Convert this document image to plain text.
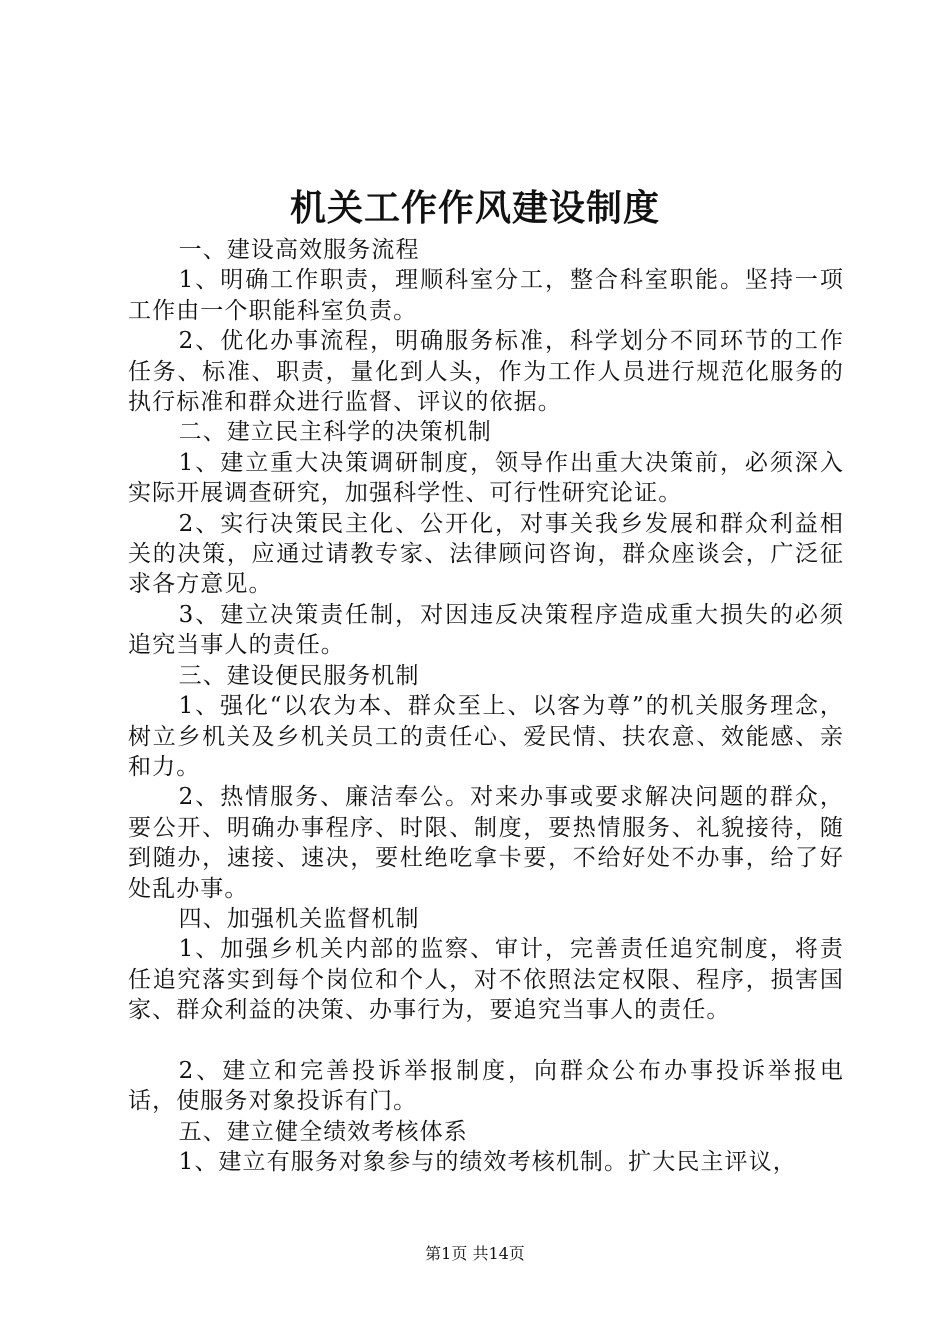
机关工作作风建设制度

一、建设高效服务流程

1、明确工作职责，理顺科室分工，整合科室职能。坚持一项工作由一个职能科室负责。

2、优化办事流程，明确服务标准，科学划分不同环节的工作任务、标准、职责，量化到人头，作为工作人员进行规范化服务的执行标准和群众进行监督、评议的依据。

二、建立民主科学的决策机制

1、建立重大决策调研制度，领导作出重大决策前，必须深入实际开展调查研究，加强科学性、可行性研究论证。

2、实行决策民主化、公开化，对事关我乡发展和群众利益相关的决策，应通过请教专家、法律顾问咨询，群众座谈会，广泛征求各方意见。

3、建立决策责任制，对因违反决策程序造成重大损失的必须追究当事人的责任。

三、建设便民服务机制

1、强化“以农为本、群众至上、以客为尊”的机关服务理念，树立乡机关及乡机关员工的责任心、爱民情、扶农意、效能感、亲和力。

2、热情服务、廉洁奉公。对来办事或要求解决问题的群众，要公开、明确办事程序、时限、制度，要热情服务、礼貌接待，随到随办，速接、速决，要杜绝吃拿卡要，不给好处不办事，给了好处乱办事。

四、加强机关监督机制

1、加强乡机关内部的监察、审计，完善责任追究制度，将责任追究落实到每个岗位和个人，对不依照法定权限、程序，损害国家、群众利益的决策、办事行为，要追究当事人的责任。

2、建立和完善投诉举报制度，向群众公布办事投诉举报电话，使服务对象投诉有门。

五、建立健全绩效考核体系

1、建立有服务对象参与的绩效考核机制。扩大民主评议，

第1页 共14页
